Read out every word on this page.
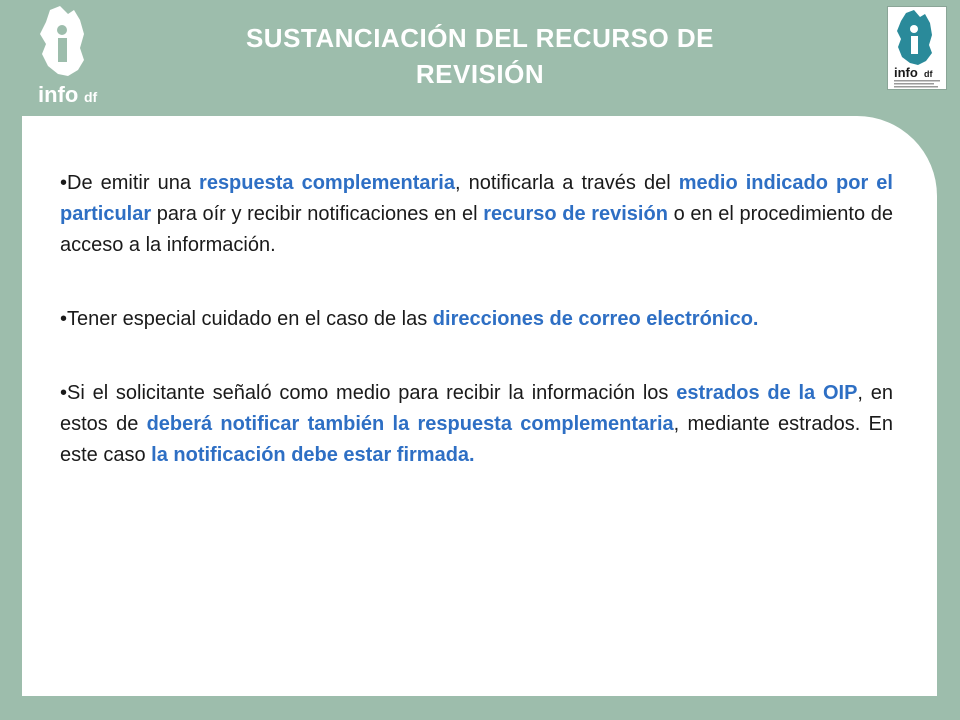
info df
SUSTANCIACIÓN DEL RECURSO DE
REVISIÓN	info df

•De emitir una respuesta complementaria, notificarla a través del medio indicado por el particular para oír y recibir notificaciones en el recurso de revisión o en el procedimiento de acceso a la información.

•Tener especial cuidado en el caso de las direcciones de correo electrónico.

•Si el solicitante señaló como medio para recibir la información los estrados de la OIP, en estos de deberá notificar también la respuesta complementaria, mediante estrados. En este caso la notificación debe estar firmada.
